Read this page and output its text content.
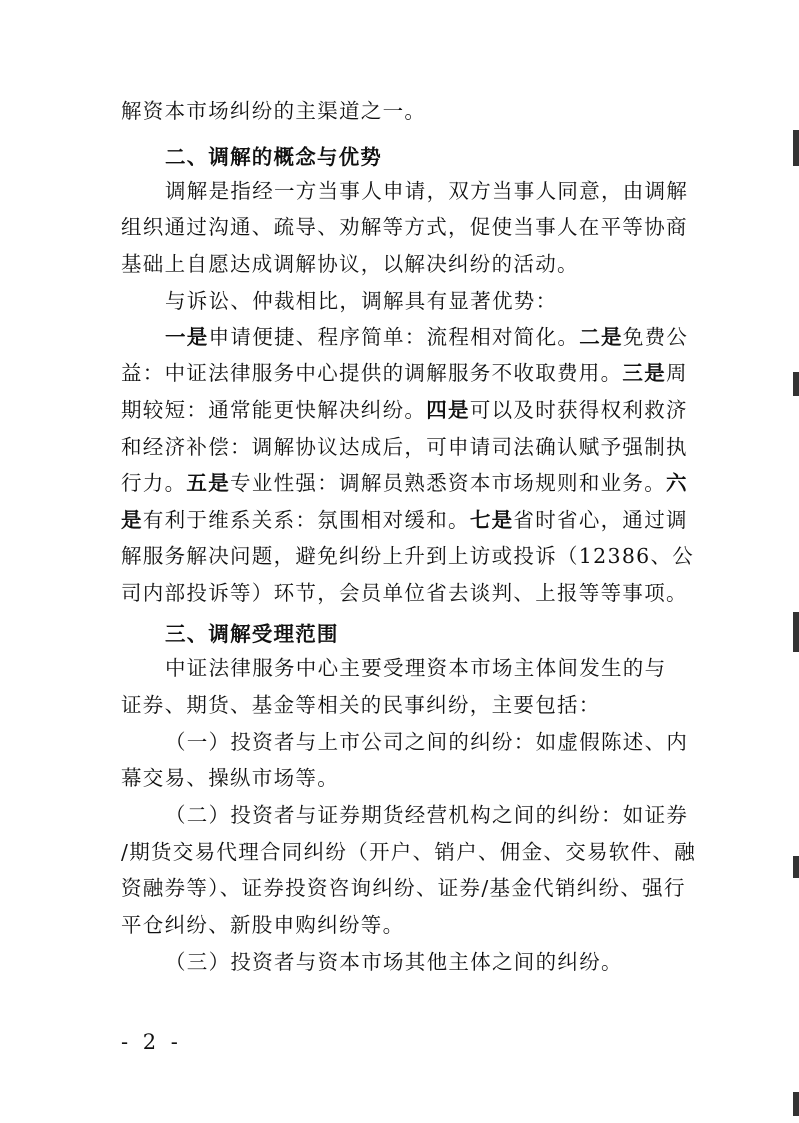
解资本市场纠纷的主渠道之一。
二、调解的概念与优势
调解是指经一方当事人申请，双方当事人同意，由调解
组织通过沟通、疏导、劝解等方式，促使当事人在平等协商
基础上自愿达成调解协议，以解决纠纷的活动。
与诉讼、仲裁相比，调解具有显著优势：
一是申请便捷、程序简单：流程相对简化。二是免费公
益：中证法律服务中心提供的调解服务不收取费用。三是周
期较短：通常能更快解决纠纷。四是可以及时获得权利救济
和经济补偿：调解协议达成后，可申请司法确认赋予强制执
行力。五是专业性强：调解员熟悉资本市场规则和业务。六
是有利于维系关系：氛围相对缓和。七是省时省心，通过调
解服务解决问题，避免纠纷上升到上访或投诉（12386、公
司内部投诉等）环节，会员单位省去谈判、上报等等事项。
三、调解受理范围
中证法律服务中心主要受理资本市场主体间发生的与
证券、期货、基金等相关的民事纠纷，主要包括：
（一）投资者与上市公司之间的纠纷：如虚假陈述、内
幕交易、操纵市场等。
（二）投资者与证券期货经营机构之间的纠纷：如证券
/期货交易代理合同纠纷（开户、销户、佣金、交易软件、融
资融券等）、证券投资咨询纠纷、证券/基金代销纠纷、强行
平仓纠纷、新股申购纠纷等。
（三）投资者与资本市场其他主体之间的纠纷。
- 2 -
